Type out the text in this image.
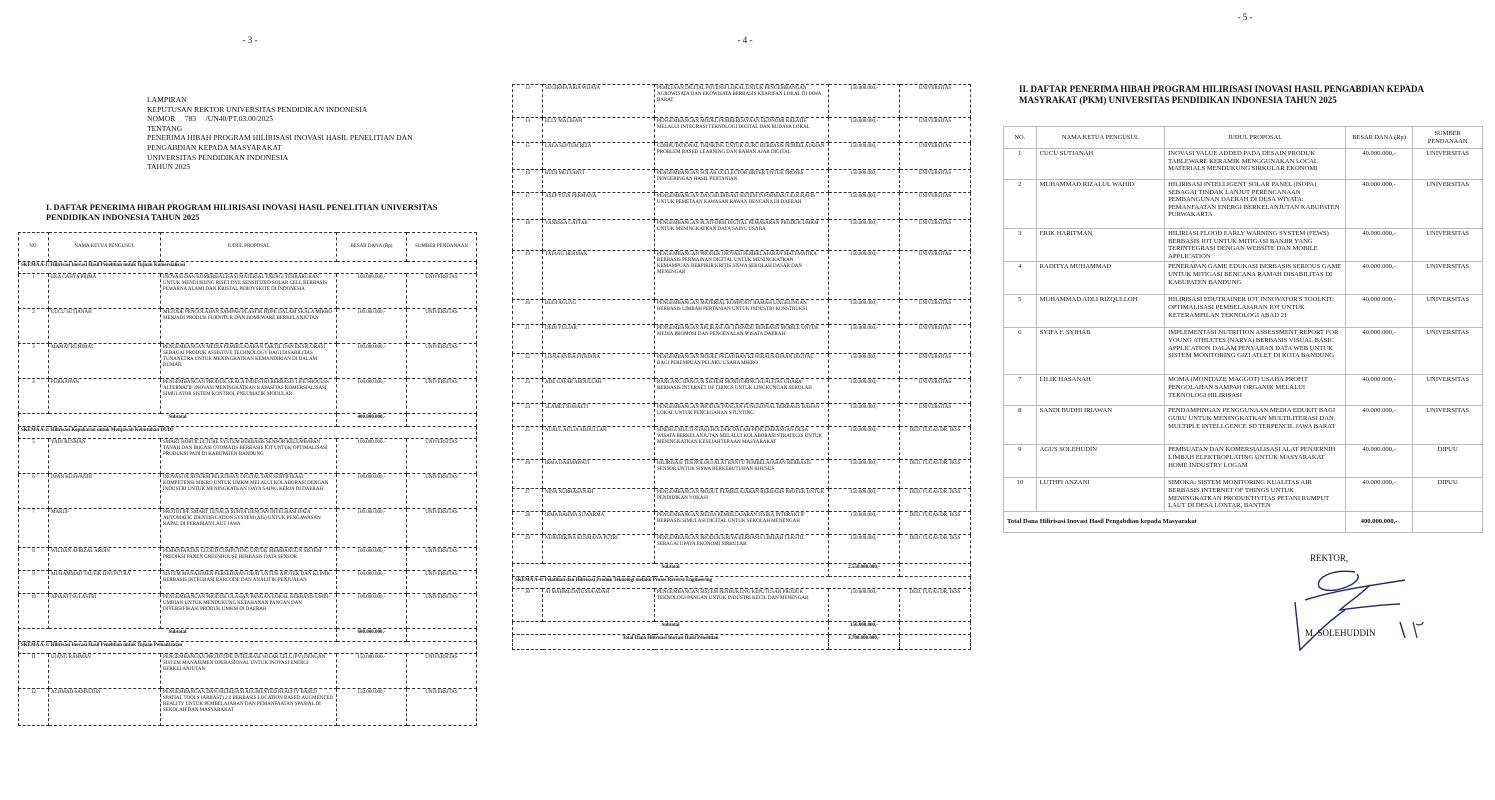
- 3 -
LAMPIRAN
KEPUTUSAN REKTOR UNIVERSITAS PENDIDIKAN INDONESIA
NOMOR     783     /UN40/PT.03.00/2025
TENTANG
PENERIMA HIBAH PROGRAM HILIRISASI INOVASI HASIL PENELITIAN DAN
PENGABDIAN KEPADA MASYARAKAT
UNIVERSITAS PENDIDIKAN INDONESIA
TAHUN 2025
I. DAFTAR PENERIMA HIBAH PROGRAM HILIRISASI INOVASI HASIL PENELITIAN UNIVERSITAS PENDIDIKAN INDONESIA TAHUN 2025
NO.	NAMA KETUA PENGUSUL	JUDUL PROPOSAL	BESAR DANA (Rp)	SUMBER PENDANAAN
SKEMA A-1: Hilirisasi Inovasi Hasil Penelitian untuk Tujuan Komersialisasi				
1	EKA CAHYA PRIMA	INOVASI DAN KOMERSIALISASI MATERIAL ENERGI TERBARUKAN UNTUK MENDUKUNG RISET DYE SENSITIZED SOLAR CELL BERBASIS PEWARNA ALAMI DAN KRISTAL PEROVSKITE DI INDONESIA	100.000.000,-	UNIVERSITAS
2	CUCU SUTIANAH	METODE PENGOLAHAN SAMPAH PLASTIK HDPE DALAM SKALA MIKRO MENJADI PRODUK FURNITUR DAN HOMEWARE BERKELANJUTAN	100.000.000,-	UNIVERSITAS
3	MAMAT RUHIMAT	PENGEMBANGAN MEDIA PEMBELAJARAN TAKTIL DAN EKSPLORASI SEBAGAI PRODUK ASSISTIVE TECHNOLOGY BAGI DISABILITAS TUNANETRA UNTUK MENINGKATKAN KEMANDIRIAN DI DALAM RUMAH	100.000.000,-	UNIVERSITAS
4	PURNAWAN	PENGEMBANGAN PRODUK SKALA INDUSTRI BERBASIS LIFE PROCESS ALTERNATIF INOVASI MENINGKATKAN KAPASITAS KOMERSIALISASI SIMULATOR SISTEM KONTROL PNEUMATIK MODULAR	100.000.000,-	UNIVERSITAS
Subtotal			400.000.000,-	
SKEMA A-2: Hilirisasi Kepakaran untuk Menjawab Kebutuhan DUDI				
5	YADI RUSMAN	SMART HORTICULTURE SYSTEM BERBASIS SENSOR KELEMBAPAN TANAH DAN IRIGASI OTOMATIS BERBASIS IOT UNTUK OPTIMALISASI PRODUKSI PADI DI KABUPATEN BANDUNG	100.000.000,-	UNIVERSITAS
6	IWAN KUSWANDI	INOVASI PLATFORM PELATIHAN DIGITAL DAN SERTIFIKASI KOMPETENSI MIKRO UNTUK UMKM MELALUI KOLABORASI DENGAN INDUSTRI UNTUK MENINGKATKAN DAYA SAING KERJA DI DAERAH	100.000.000,-	UNIVERSITAS
7	MARUF	PROTOTIPE SMART TENAGA SURYA DENGAN INTEGRASI DATA AUTOMATIC IDENTIFICATION SYSTEM (AIS) UNTUK PENGAWASAN KAPAL DI PERAIRAN LAUT JAWA	100.000.000,-	UNIVERSITAS
8	WILDAN AFRIZAL ARDIN	PEMANFAATAN CLOUD COMPUTING UNTUK MEMBANGUN SISTEM PREDIKSI PANEN GREENHOUSE BERBASIS DATA SENSOR	100.000.000,-	UNIVERSITAS
9	MUHAMMAD TAUFIK DWI PUTRA	SISTEM MANAJEMEN PERSEDIAAN OBAT UNTUK APOTEK DAN KLINIK BERBASIS INTEGRASI BARCODE DAN ANALITIK PENJUALAN	100.000.000,-	UNIVERSITAS
10	AFIANTI SULASTRI	PENGEMBANGAN PRODUK OLAHAN PANGAN LOKAL BERBASIS UMBI-UMBIAN UNTUK MENDUKUNG KETAHANAN PANGAN DAN DIVERSIFIKASI PRODUK UMKM DI DAERAH	100.000.000,-	UNIVERSITAS
Subtotal			600.000.000,-	
SKEMA A-3: Hilirisasi Inovasi Hasil Penelitian untuk Tujuan Pemanfaatan				
11	UJANG RAHMAN	PENGEMBANGAN PROTOTIPE INTEGRASI SOLAR CELL (PV) DENGAN SISTEM MANAJEMEN OPERASIONAL UNTUK INOVASI ENERGI BERKELANJUTAN	150.000.000,-	UNIVERSITAS
12	ACHMAD SAMSUDIN	PENGEMBANGAN DAN HILIRISASI AUGMENTED REALITY BASED SPATIAL TOOLS (ARBAST) 2.0 BERBASIS LOCATION BASED AUGMENTED REALITY UNTUK PEMBELAJARAN DAN PEMANFAATAN SPASIAL DI SEKOLAH DAN MASYARAKAT	150.000.000,-	UNIVERSITAS
- 4 -
13	SUGIRMA ARIA WIJAYA	PEMETAAN DIGITAL POTENSI LOKAL UNTUK PENGEMBANGAN AGROWISATA DAN EKOWISATA BERBASIS KEARIFAN LOKAL DI JAWA BARAT	150.000.000,-	UNIVERSITAS
14	ELLY MALIHAH	PENGEMBANGAN MODEL PEMBERDAYAAN EKONOMI KREATIF MELALUI INTEGRASI TEKNOLOGI DIGITAL DAN BUDAYA LOKAL	150.000.000,-	UNIVERSITAS
15	LALA SEPTEM RIZA	COMPUTATIONAL THINKING UNTUK GURU BERBASIS PEMBELAJARAN PROBLEM BASED LEARNING DAN BAHAN AJAR DIGITAL	150.000.000,-	UNIVERSITAS
16	BUDI MULYANTI	PENGEMBANGAN SOLAR COLLECTOR DRYER UNTUK PROSES PENGERINGAN HASIL PERTANIAN	150.000.000,-	UNIVERSITAS
17	ASEP YUDI PERMANA	PENGEMBANGAN DAN HILIRISASI SISTEM INFORMASI GEOGRAFIS UNTUK PEMETAAN KAWASAN RAWAN BENCANA DI DAERAH	150.000.000,-	UNIVERSITAS
18	VANESSA GAFFAR	PENGEMBANGAN PLATFORM DIGITAL PEMASARAN PRODUK UMKM UNTUK MENINGKATKAN DAYA SAING USAHA	150.000.000,-	UNIVERSITAS
19	TATANG HERMAN	PENGEMBANGAN PRODUK INOVASI PEMBELAJARAN MATEMATIKA BERBASIS PERMAINAN DIGITAL UNTUK MENINGKATKAN KEMAMPUAN BERPIKIR KRITIS SISWA SEKOLAH DASAR DAN MENENGAH	150.000.000,-	UNIVERSITAS
20	BUDI AGUNG	PENGEMBANGAN MATERIAL KOMPOSIT RAMAH LINGKUNGAN BERBASIS LIMBAH PERTANIAN UNTUK INDUSTRI KONSTRUKSI	150.000.000,-	UNIVERSITAS
21	DEDI YULIAR	PENGEMBANGAN APLIKASI AR TERPADU BERBASIS MOBILE UNTUK MEDIA PROMOSI DAN PENGENALAN WISATA DAERAH	150.000.000,-	UNIVERSITAS
22	LISNA ANISA FITRIANA	PENGEMBANGAN MODEL PELATIHAN KEWIRAUSAHAAN DIGITAL BAGI PEREMPUAN PELAKU USAHA MIKRO	150.000.000,-	UNIVERSITAS
23	ADE GAFAR ABDULLAH	RANCANG BANGUN SISTEM MONITORING KUALITAS UDARA BERBASIS INTERNET OF THINGS UNTUK LINGKUNGAN SEKOLAH	150.000.000,-	UNIVERSITAS
24	SLAMET ROHAETI	PENGEMBANGAN PRODUK PANGAN FUNGSIONAL BERBASIS BAHAN LOKAL UNTUK PENCEGAHAN STUNTING	150.000.000,-	UNIVERSITAS
25	NURUL AULIA ABDULLAH	SINERGI MULTI-STAKEHOLDER DALAM PENGEMBANGAN DESA WISATA BERKELANJUTAN MELALUI KOLABORASI STRATEGIS UNTUK MENINGKATKAN KESEJAHTERAAN MASYARAKAT	150.000.000,-	DED. TUGAS DR. IKSS
26	IRMA DARMAWATI	HILIRISASI TEKNOLOGI ALAT BANTU PEMBELAJARAN BERBASIS SENSOR UNTUK SISWA BERKEBUTUHAN KHUSUS	150.000.000,-	DED. TUGAS DR. IKSS
27	NINA NURHASANAH	PENGEMBANGAN MODUL PEMBELAJARAN BERBASIS PROYEK UNTUK PENDIDIKAN VOKASI	150.000.000,-	DED. TUGAS DR. IKSS
28	IRMA RAHMA SUWARMA	PENGEMBANGAN MEDIA PEMBELAJARAN FISIKA INTERAKTIF BERBASIS SIMULASI DIGITAL UNTUK SEKOLAH MENENGAH	150.000.000,-	DED. TUGAS DR. IKSS
29	NURSHIKINA KUSMANA PUTRI	PENGEMBANGAN PRODUK KRIYA BERBASIS LIMBAH TEKSTIL SEBAGAI UPAYA EKONOMI SIRKULAR	150.000.000,-	DED. TUGAS DR. IKSS
Subtotal			2.550.000.000,-	
SKEMA A-4: Pelatihan dan Hilirisasi Produk Teknologi melalui Proses Reverse Engineering				
30	AI MAHMUDATUSSA'ADAH	PENGEMBANGAN SISTEM PENDUKUNG KEPUTUSAN PRODUK TEKNOLOGI PANGAN UNTUK INDUSTRI KECIL DAN MENENGAH	150.000.000,-	DED. TUGAS DR. IKSS
Subtotal			150.000.000,-	
Total Dana Hilirisasi Inovasi Hasil Penelitian			3.700.000.000,-	
- 5 -
II. DAFTAR PENERIMA HIBAH PROGRAM HILIRISASI INOVASI HASIL PENGABDIAN KEPADA MASYRAKAT (PKM) UNIVERSITAS PENDIDIKAN INDONESIA TAHUN 2025
NO.	NAMA KETUA PENGUSUL	JUDUL PROPOSAL	BESAR DANA (Rp)	SUMBER PENDANAAN
1	CUCU SUTIANAH	INOVASI VALUE ADDED PADA DESAIN PRODUK TABLEWARE KERAMIK MENGGUNAKAN LOCAL MATERIALS MENDUKUNG SIRKULAR EKONOMI	40.000.000,-	UNIVERSITAS
2	MUHAMMAD RIZALUL WAHID	HILIRISASI INTELLIGENT SOLAR PANEL (ISOPA) SEBAGAI TINDAK LANJUT PERENCANAAN PEMBANGUNAN DAERAH DI DESA WIYATA: PEMANFAATAN ENERGI BERKELANJUTAN KABUPATEN PURWAKARTA	40.000.000,-	UNIVERSITAS
3	ERIK HARITMAN	HILIRIASI FLOOD EARLY WARNING SYSTEM (FEWS) BERBASIS IOT UNTUK MITIGASI BANJIR YANG TERINTEGRASI DENGAN WEBSITE DAN MOBILE APPLICATION	40.000.000,-	UNIVERSITAS
4	RADITYA MUHAMMAD	PENERAPAN GAME EDUKASI BERBASIS SERIOUS GAME UNTUK MITIGASI BENCANA RAMAH DISABILITAS DI KABUPATEN BANDUNG	40.000.000,-	UNIVERSITAS
5	MUHAMMAD ADLI RIZQULLOH	HILIRISASI EDUTRAINER IOT INNOVATOR'S TOOLKIT: OPTIMALISASI PEMBELAJARAN IOT UNTUK KETERAMPILAN TEKNOLOGI ABAD 21	40.000.000,-	UNIVERSITAS
6	SYIFA F. SYIHAB	IMPLEMENTASI NUTRITION ASSESSMENT REPORT FOR YOUNG ATHLETES (NARYA) BERBASIS VISUAL BASIC APPLICATION DALAM PENYAJIAN DATA WEB UNTUK SISTEM MONITORING GIZI ATLET DI KOTA BANDUNG	40.000.000,-	UNIVERSITAS
7	LILIK HASANAH	MOMA (MONITAZE MAGGOT) USAHA PROFIT PENGOLAHAN SAMPAH ORGANIK MELALUI TEKNOLOGI HILIRISASI	40.000.000,-	UNIVERSITAS
8	SANDI BUDHI IRIAWAN	PENDAMPINGAN PENGGUNAAN MEDIA EDUKIT BAGI GURU UNTUK MENINGKATKAN MULTILITERASI DAN MULTIPLE INTELLGENCE SD TERPENCIL JAWA BARAT	40.000.000,-	UNIVERSITAS
9	AGUS SOLEHUDIN	PEMBUATAN DAN KOMERSIALISASI ALAT PENJERNIH LIMBAH ELEKTROPLATING UNTUK MASYARAKAT HOME INDUSTRY LOGAM	40.000.000,-	DIPUU
10	LUTHFI ANZANI	SIMOKA: SISTEM MONITORING KUALITAS AIR BERBASIS INTERNET OF THINGS UNTUK MENINGKATKAN PRODUKTIVITAS PETANI RUMPUT LAUT DI DESA LONTAR, BANTEN	40.000.000,-	DIPUU
Total Dana Hilirisasi Inovasi Hasil Pengabdian kepada Masyarakat			400.000.000,-	
REKTOR,
M. SOLEHUDDIN
